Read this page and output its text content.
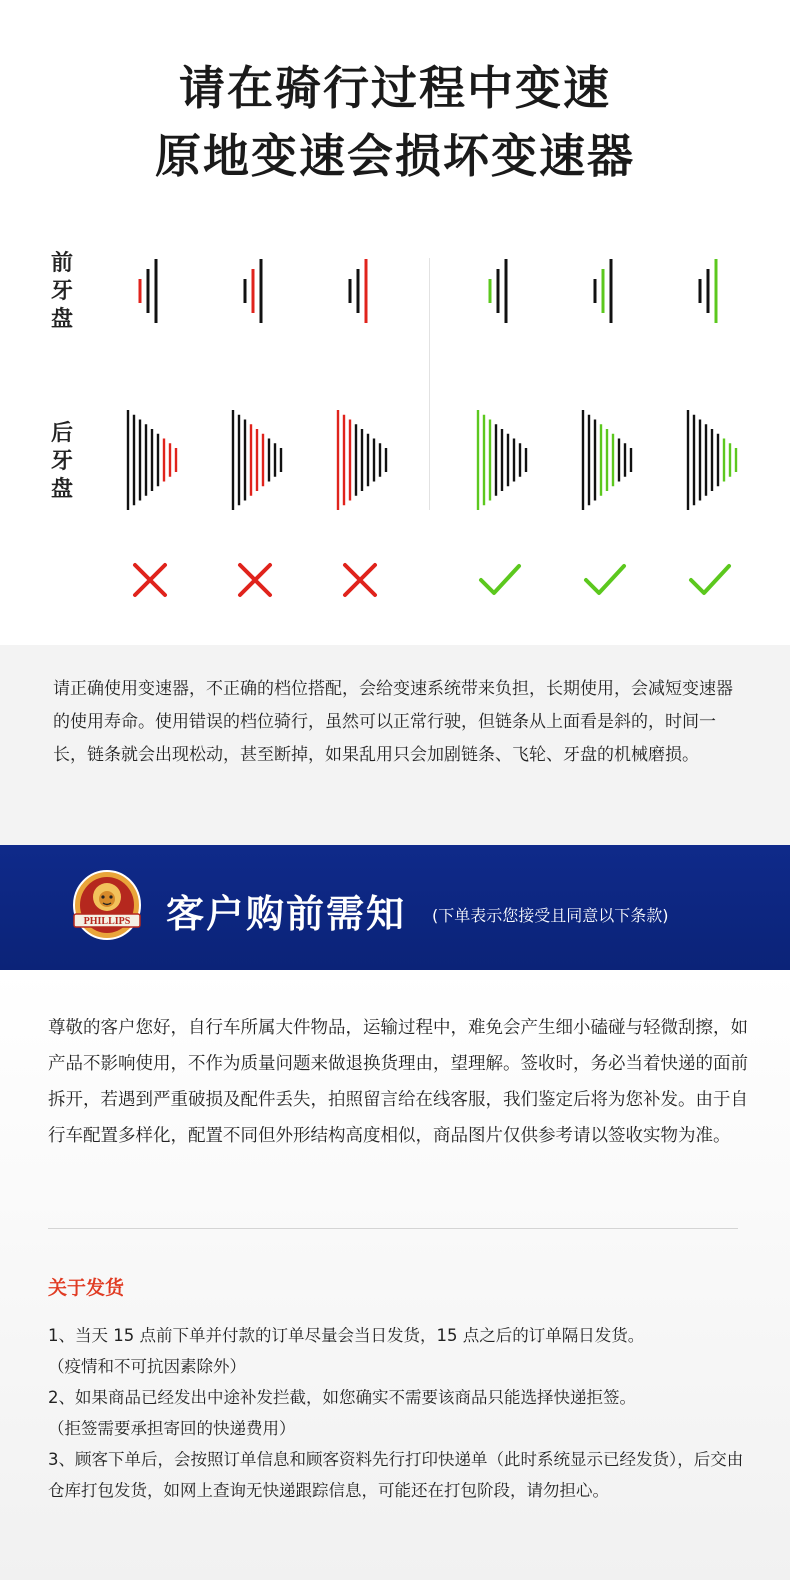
请在骑行过程中变速
原地变速会损坏变速器
前牙盘
后牙盘

请正确使用变速器，不正确的档位搭配，会给变速系统带来负担，长期使用，会减短变速器的使用寿命。使用错误的档位骑行，虽然可以正常行驶，但链条从上面看是斜的，时间一长，链条就会出现松动，甚至断掉，如果乱用只会加剧链条、飞轮、牙盘的机械磨损。

PHILLIPS 客户购前需知 (下单表示您接受且同意以下条款)

尊敬的客户您好，自行车所属大件物品，运输过程中，难免会产生细小磕碰与轻微刮擦，如产品不影响使用，不作为质量问题来做退换货理由，望理解。签收时，务必当着快递的面前拆开，若遇到严重破损及配件丢失，拍照留言给在线客服，我们鉴定后将为您补发。由于自行车配置多样化，配置不同但外形结构高度相似，商品图片仅供参考请以签收实物为准。

关于发货
1、当天 15 点前下单并付款的订单尽量会当日发货，15 点之后的订单隔日发货。
（疫情和不可抗因素除外）
2、如果商品已经发出中途补发拦截，如您确实不需要该商品只能选择快递拒签。
（拒签需要承担寄回的快递费用）
3、顾客下单后，会按照订单信息和顾客资料先行打印快递单（此时系统显示已经发货），后交由仓库打包发货，如网上查询无快递跟踪信息，可能还在打包阶段，请勿担心。
